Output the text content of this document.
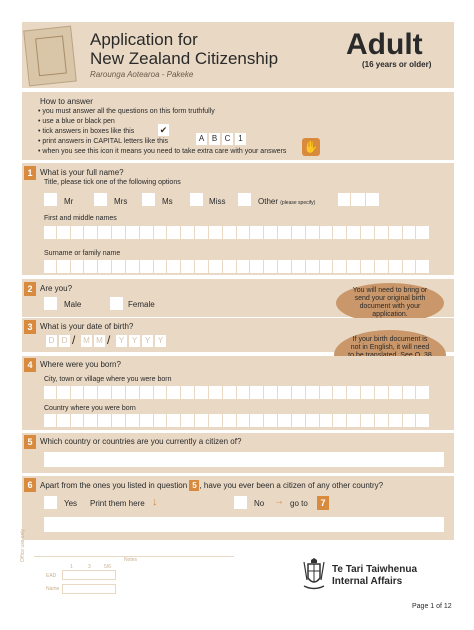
Application for
New Zealand Citizenship
Rarounga Aotearoa - Pakeke
Adult
(16 years or older)
How to answer
• you must answer all the questions on this form truthfully
• use a blue or black pen
• tick answers in boxes like this	✔
• print answers in CAPITAL letters like this	A B C 1
• when you see this icon it means you need to take extra care with your answers ✋
1 What is your full name?
Title, please tick one of the following options
Mr	Mrs	Ms	Miss	Other (please specify)
First and middle names
Surname or family name
2 Are you?
Male	Female
You will need to bring or send your original birth document with your application.
3 What is your date of birth?
D D / M M /	Y Y Y Y	If your birth document is not in English, it will need
4 Where were you born?
City, town or village where you were born
Country where you were born
5 Which country or countries are you currently a citizen of?
6 Apart from the ones you listed in question 5 , have you ever been a citizen of any other country?
Yes Print them here ↓	No → go to	7
Office use only	Notes
1	3	5/6
EAD
Name
Te Tari Taiwhenua
Internal Affairs
Page 1 of 12
